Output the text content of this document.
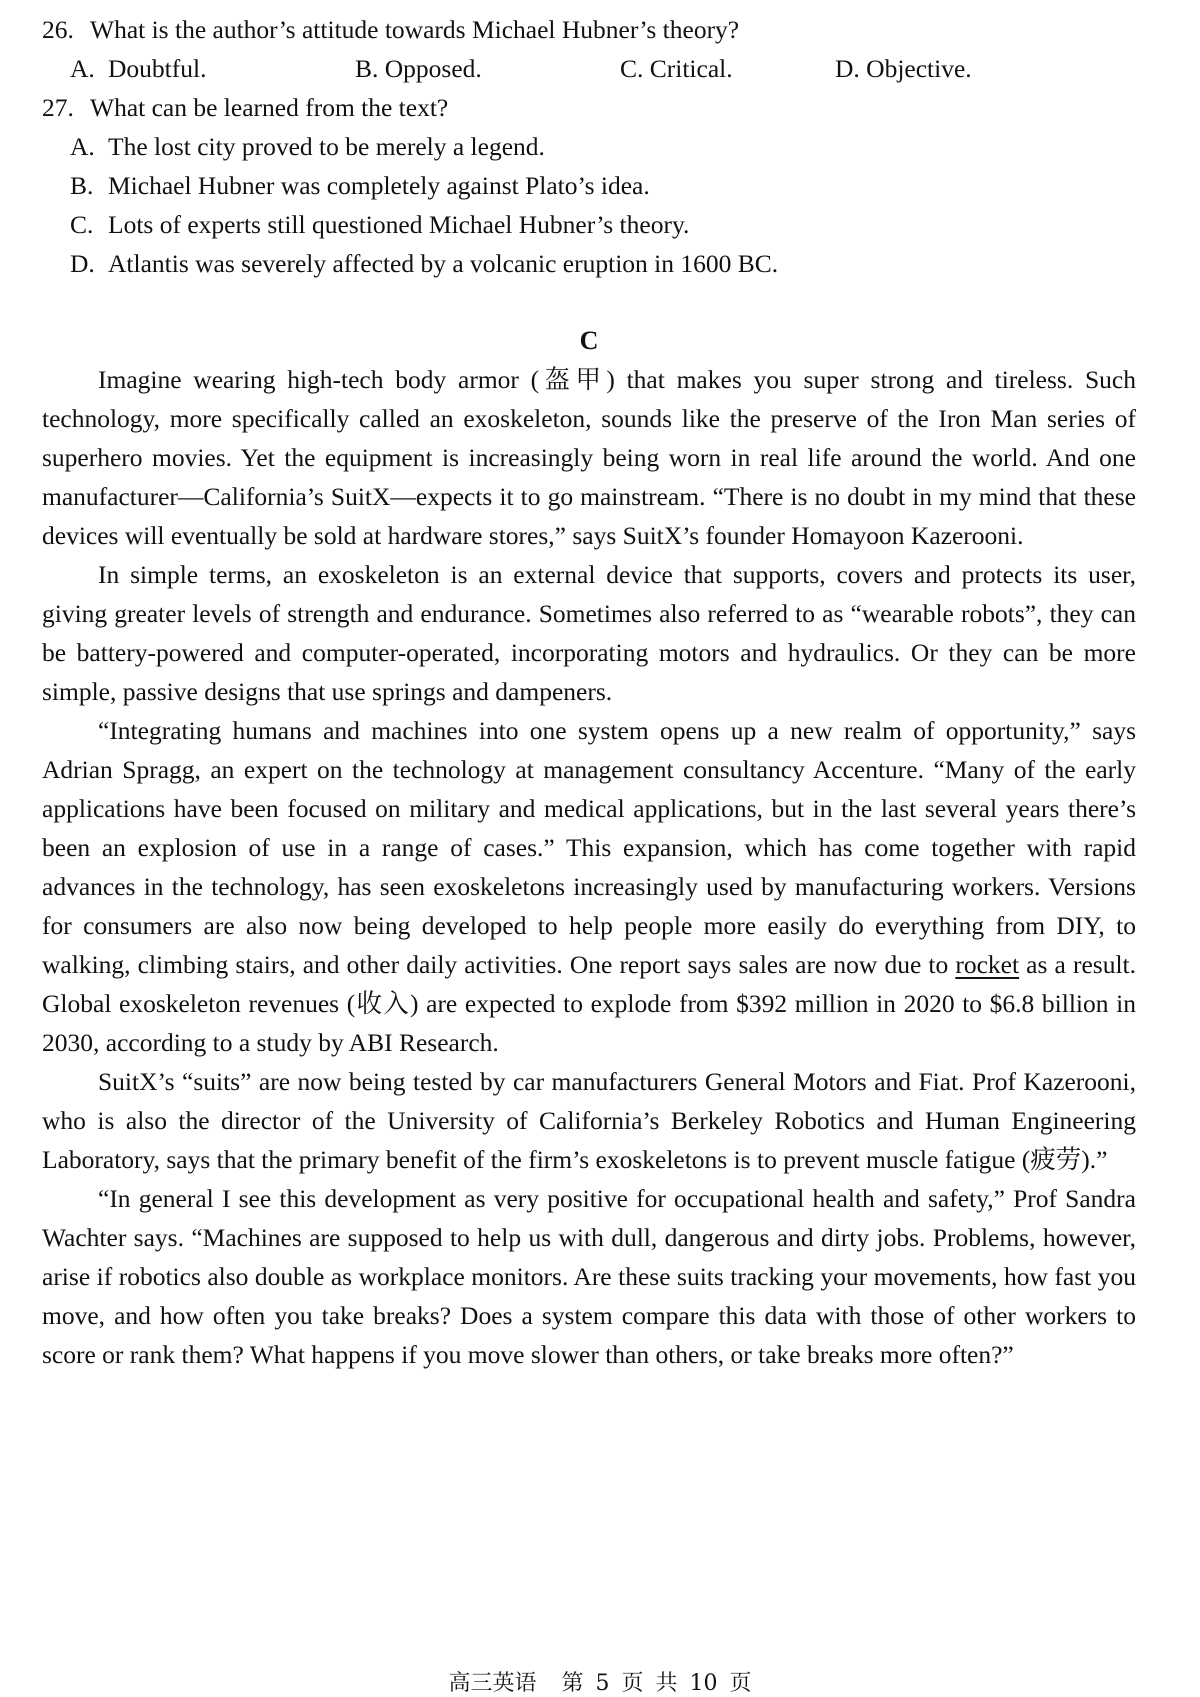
26. What is the author’s attitude towards Michael Hubner’s theory?
A. Doubtful.	B. Opposed.	C. Critical.	D. Objective.
27. What can be learned from the text?
A. The lost city proved to be merely a legend.
B. Michael Hubner was completely against Plato’s idea.
C. Lots of experts still questioned Michael Hubner’s theory.
D. Atlantis was severely affected by a volcanic eruption in 1600 BC.
C

Imagine wearing high-tech body armor (盔甲) that makes you super strong and tireless. Such technology, more specifically called an exoskeleton, sounds like the preserve of the Iron Man series of superhero movies. Yet the equipment is increasingly being worn in real life around the world. And one manufacturer—California’s SuitX—expects it to go mainstream. “There is no doubt in my mind that these devices will eventually be sold at hardware stores,” says SuitX’s founder Homayoon Kazerooni.

In simple terms, an exoskeleton is an external device that supports, covers and protects its user, giving greater levels of strength and endurance. Sometimes also referred to as “wearable robots”, they can be battery-powered and computer-operated, incorporating motors and hydraulics. Or they can be more simple, passive designs that use springs and dampeners.

“Integrating humans and machines into one system opens up a new realm of opportunity,” says Adrian Spragg, an expert on the technology at management consultancy Accenture. “Many of the early applications have been focused on military and medical applications, but in the last several years there’s been an explosion of use in a range of cases.” This expansion, which has come together with rapid advances in the technology, has seen exoskeletons increasingly used by manufacturing workers. Versions for consumers are also now being developed to help people more easily do everything from DIY, to walking, climbing stairs, and other daily activities. One report says sales are now due to rocket as a result. Global exoskeleton revenues (收入) are expected to explode from $392 million in 2020 to $6.8 billion in 2030, according to a study by ABI Research.

SuitX’s “suits” are now being tested by car manufacturers General Motors and Fiat. Prof Kazerooni, who is also the director of the University of California’s Berkeley Robotics and Human Engineering Laboratory, says that the primary benefit of the firm’s exoskeletons is to prevent muscle fatigue (疲劳).”

“In general I see this development as very positive for occupational health and safety,” Prof Sandra Wachter says. “Machines are supposed to help us with dull, dangerous and dirty jobs. Problems, however, arise if robotics also double as workplace monitors. Are these suits tracking your movements, how fast you move, and how often you take breaks? Does a system compare this data with those of other workers to score or rank them? What happens if you move slower than others, or take breaks more often?”

高三英语 第 5 页 共 10 页
